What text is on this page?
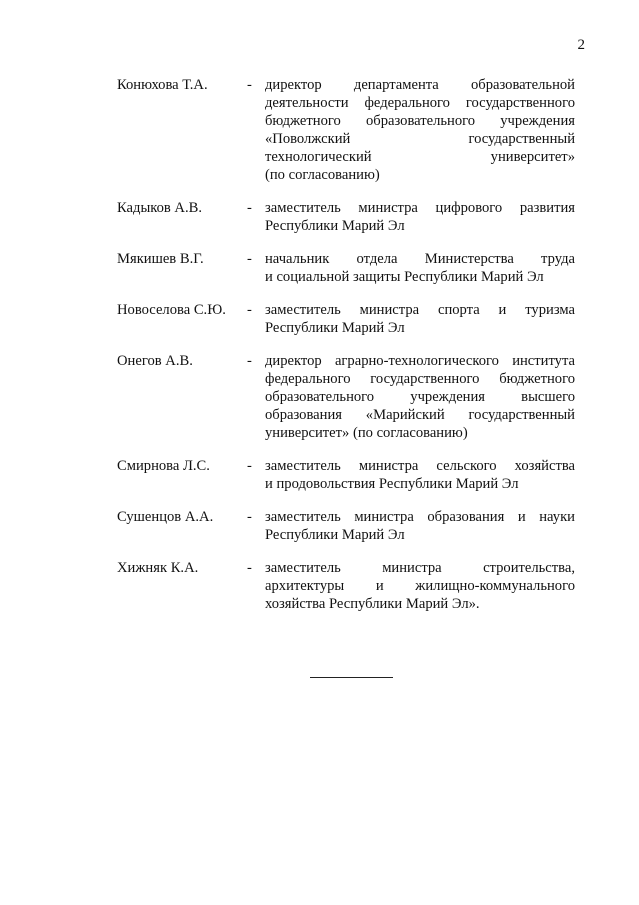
2
Конюхова Т.А.	- директор департамента образовательной
деятельности федерального государственного
бюджетного образовательного учреждения
«Поволжский государственный
технологический университет»
(по согласованию)
Кадыков А.В.	- заместитель министра цифрового развития
Республики Марий Эл
Мякишев В.Г.	- начальник отдела Министерства труда
и социальной защиты Республики Марий Эл
Новоселова С.Ю.	- заместитель министра спорта и туризма
Республики Марий Эл
Онегов А.В.	- директор аграрно-технологического института
федерального государственного бюджетного
образовательного учреждения высшего
образования «Марийский государственный
университет» (по согласованию)
Смирнова Л.С.	- заместитель министра сельского хозяйства
и продовольствия Республики Марий Эл
Сушенцов А.А.	- заместитель министра образования и науки
Республики Марий Эл
Хижняк К.А.	- заместитель министра строительства,
архитектуры и жилищно-коммунального
хозяйства Республики Марий Эл».
